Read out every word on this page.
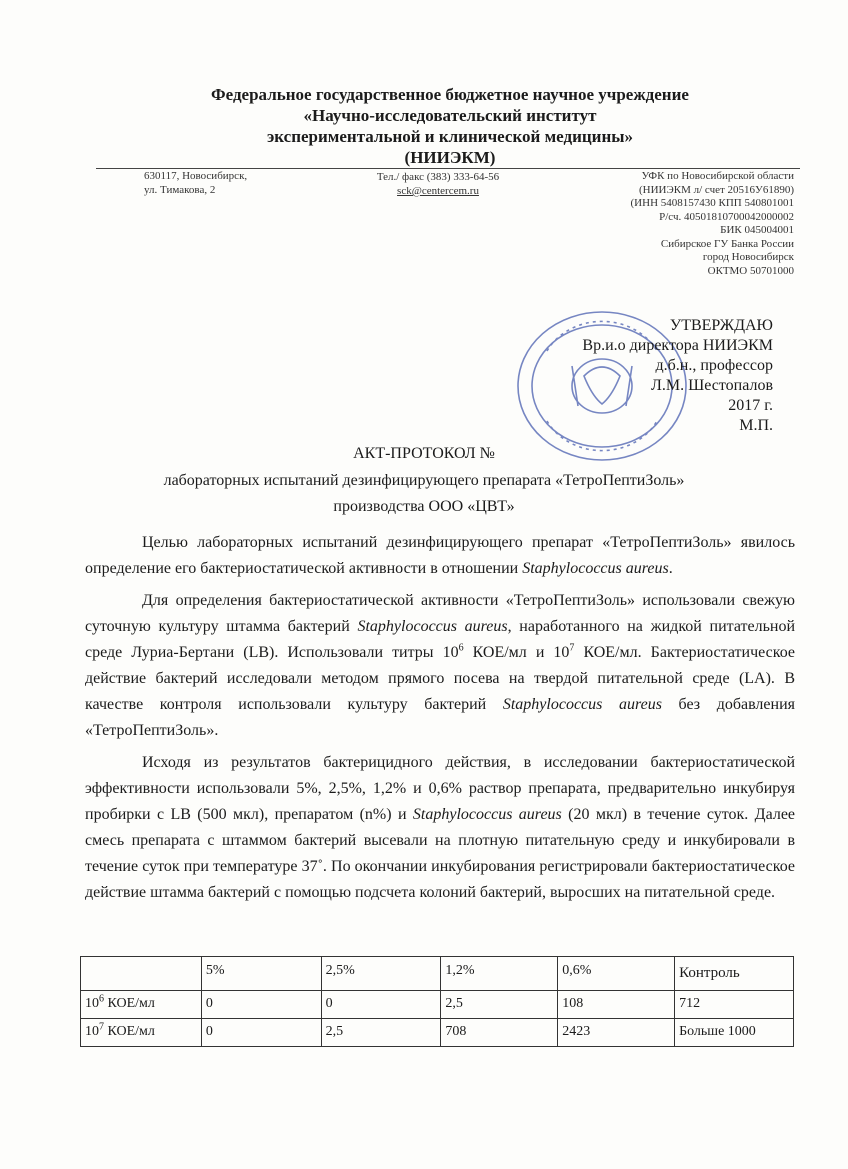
Федеральное государственное бюджетное научное учреждение
«Научно-исследовательский институт
экспериментальной и клинической медицины»
(НИИЭКМ)
630117, Новосибирск,
ул. Тимакова, 2
Тел./ факс (383) 333-64-56
sck@centercem.ru
УФК по Новосибирской области
(НИИЭКМ л/ счет 20516У61890)
(ИНН 5408157430 КПП 540801001
Р/сч. 40501810700042000002
БИК 045004001
Сибирское ГУ Банка России
город Новосибирск
ОКТМО 50701000
УТВЕРЖДАЮ
Вр.и.о директора НИИЭКМ
д.б.н., профессор
Л.М. Шестопалов
2017 г.
М.П.
АКТ-ПРОТОКОЛ №
лабораторных испытаний дезинфицирующего препарата «ТетроПептиЗоль»
производства ООО «ЦВТ»

Целью лабораторных испытаний дезинфицирующего препарат «ТетроПептиЗоль» явилось определение его бактериостатической активности в отношении Staphylococcus aureus.

Для определения бактериостатической активности «ТетроПептиЗоль» использовали свежую суточную культуру штамма бактерий Staphylococcus aureus, наработанного на жидкой питательной среде Луриа-Бертани (LB). Использовали титры $10^6$ КОЕ/мл и $10^7$ КОЕ/мл. Бактериостатическое действие бактерий исследовали методом прямого посева на твердой питательной среде (LA). В качестве контроля использовали культуру бактерий Staphylococcus aureus без добавления «ТетроПептиЗоль».

Исходя из результатов бактерицидного действия, в исследовании бактериостатической эффективности использовали 5%, 2,5%, 1,2% и 0,6% раствор препарата, предварительно инкубируя пробирки с LB (500 мкл), препаратом (n%) и Staphylococcus aureus (20 мкл) в течение суток. Далее смесь препарата с штаммом бактерий высевали на плотную питательную среду и инкубировали в течение суток при температуре 37˚. По окончании инкубирования регистрировали бактериостатическое действие штамма бактерий с помощью подсчета колоний бактерий, выросших на питательной среде.

	5%	2,5%	1,2%	0,6%	Контроль
$10^6$ КОЕ/мл	0	0	2,5	108	712
$10^7$ КОЕ/мл	0	2,5	708	2423	Больше 1000
